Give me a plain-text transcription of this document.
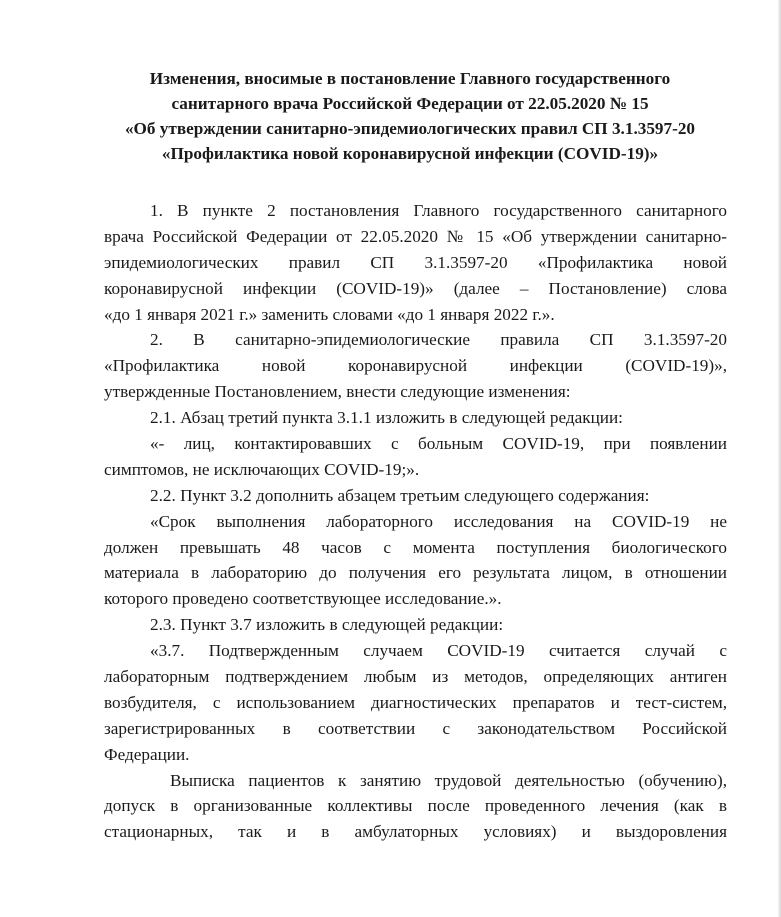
Изменения, вносимые в постановление Главного государственного
санитарного врача Российской Федерации от 22.05.2020 № 15
«Об утверждении санитарно-эпидемиологических правил СП 3.1.3597-20
«Профилактика новой коронавирусной инфекции (COVID-19)»
1. В пункте 2 постановления Главного государственного санитарного
врача Российской Федерации от 22.05.2020 № 15 «Об утверждении санитарно-
эпидемиологических правил СП 3.1.3597-20 «Профилактика новой
коронавирусной инфекции (COVID-19)» (далее – Постановление) слова
«до 1 января 2021 г.» заменить словами «до 1 января 2022 г.».
2. В санитарно-эпидемиологические правила СП 3.1.3597-20
«Профилактика новой коронавирусной инфекции (COVID-19)»,
утвержденные Постановлением, внести следующие изменения:
2.1. Абзац третий пункта 3.1.1 изложить в следующей редакции:
«- лиц, контактировавших с больным COVID-19, при появлении
симптомов, не исключающих COVID-19;».
2.2. Пункт 3.2 дополнить абзацем третьим следующего содержания:
«Срок выполнения лабораторного исследования на COVID-19 не
должен превышать 48 часов с момента поступления биологического
материала в лабораторию до получения его результата лицом, в отношении
которого проведено соответствующее исследование.».
2.3. Пункт 3.7 изложить в следующей редакции:
«3.7. Подтвержденным случаем COVID-19 считается случай с
лабораторным подтверждением любым из методов, определяющих антиген
возбудителя, с использованием диагностических препаратов и тест-систем,
зарегистрированных в соответствии с законодательством Российской
Федерации.
Выписка пациентов к занятию трудовой деятельностью (обучению),
допуск в организованные коллективы после проведенного лечения (как в
стационарных, так и в амбулаторных условиях) и выздоровления
